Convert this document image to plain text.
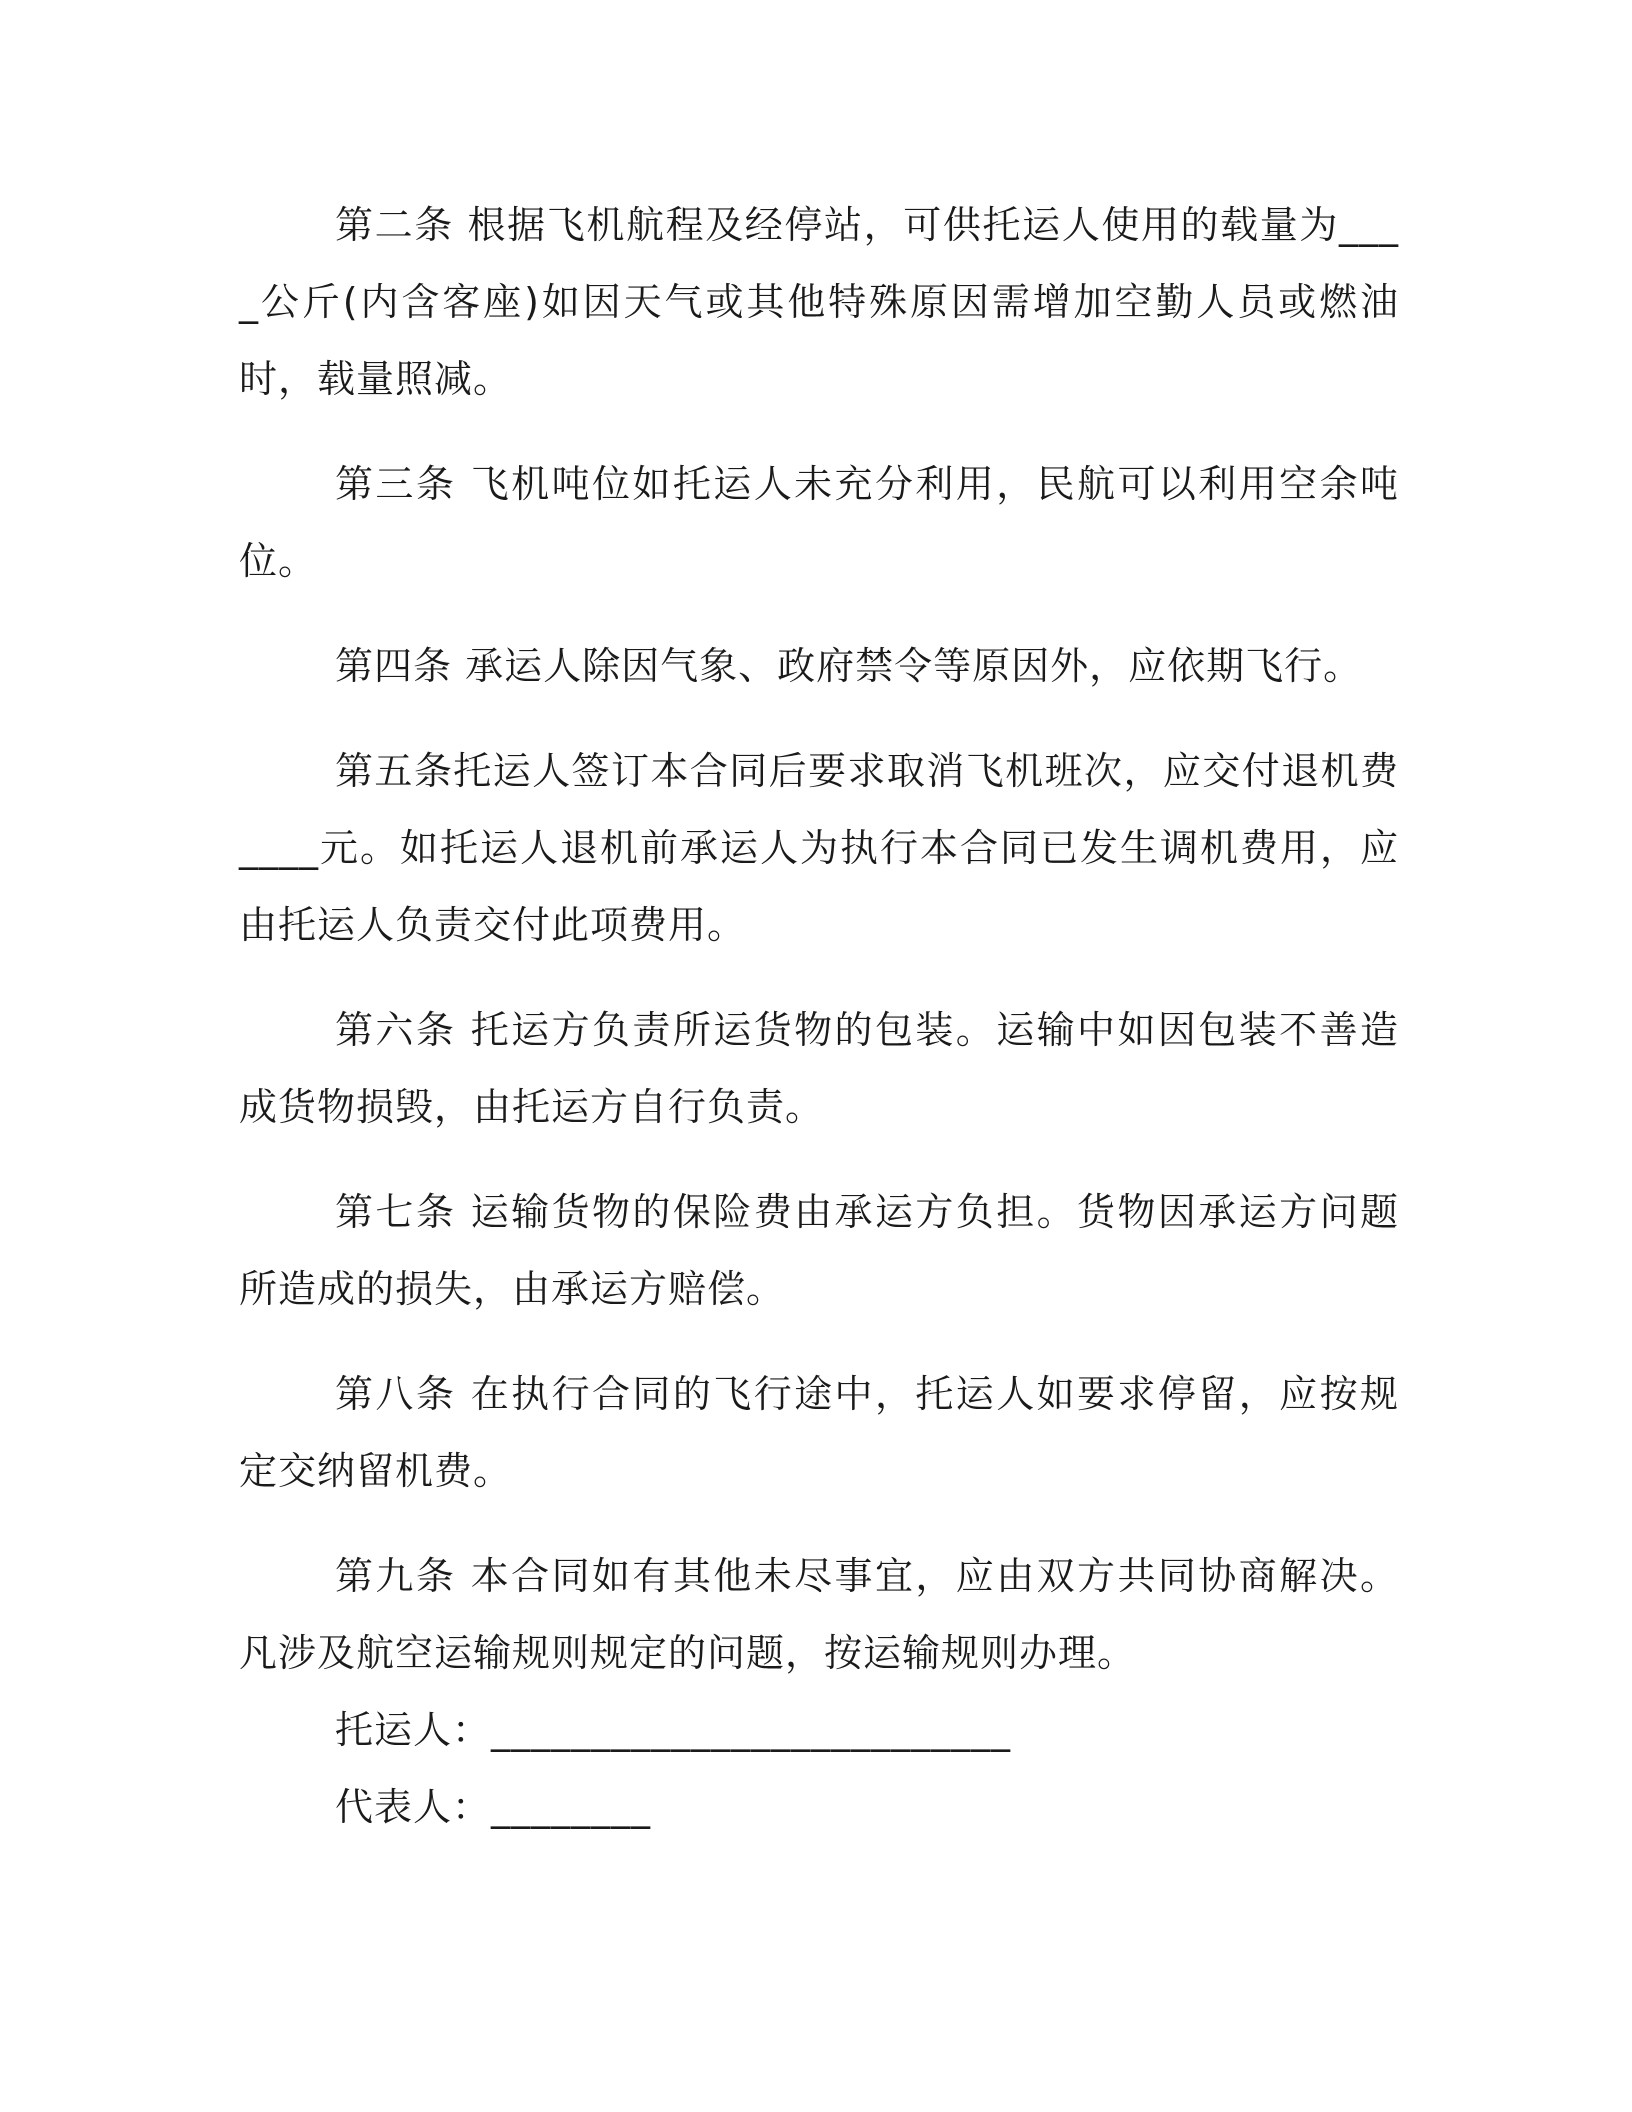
第二条 根据飞机航程及经停站，可供托运人使用的载量为____公斤(内含客座)如因天气或其他特殊原因需增加空勤人员或燃油时，载量照减。

第三条 飞机吨位如托运人未充分利用，民航可以利用空余吨位。

第四条 承运人除因气象、政府禁令等原因外，应依期飞行。

第五条托运人签订本合同后要求取消飞机班次，应交付退机费____元。如托运人退机前承运人为执行本合同已发生调机费用，应由托运人负责交付此项费用。

第六条 托运方负责所运货物的包装。运输中如因包装不善造成货物损毁，由托运方自行负责。

第七条 运输货物的保险费由承运方负担。货物因承运方问题所造成的损失，由承运方赔偿。

第八条 在执行合同的飞行途中，托运人如要求停留，应按规定交纳留机费。

第九条 本合同如有其他未尽事宜，应由双方共同协商解决。凡涉及航空运输规则规定的问题，按运输规则办理。

托运人：__________________________

代表人：________
